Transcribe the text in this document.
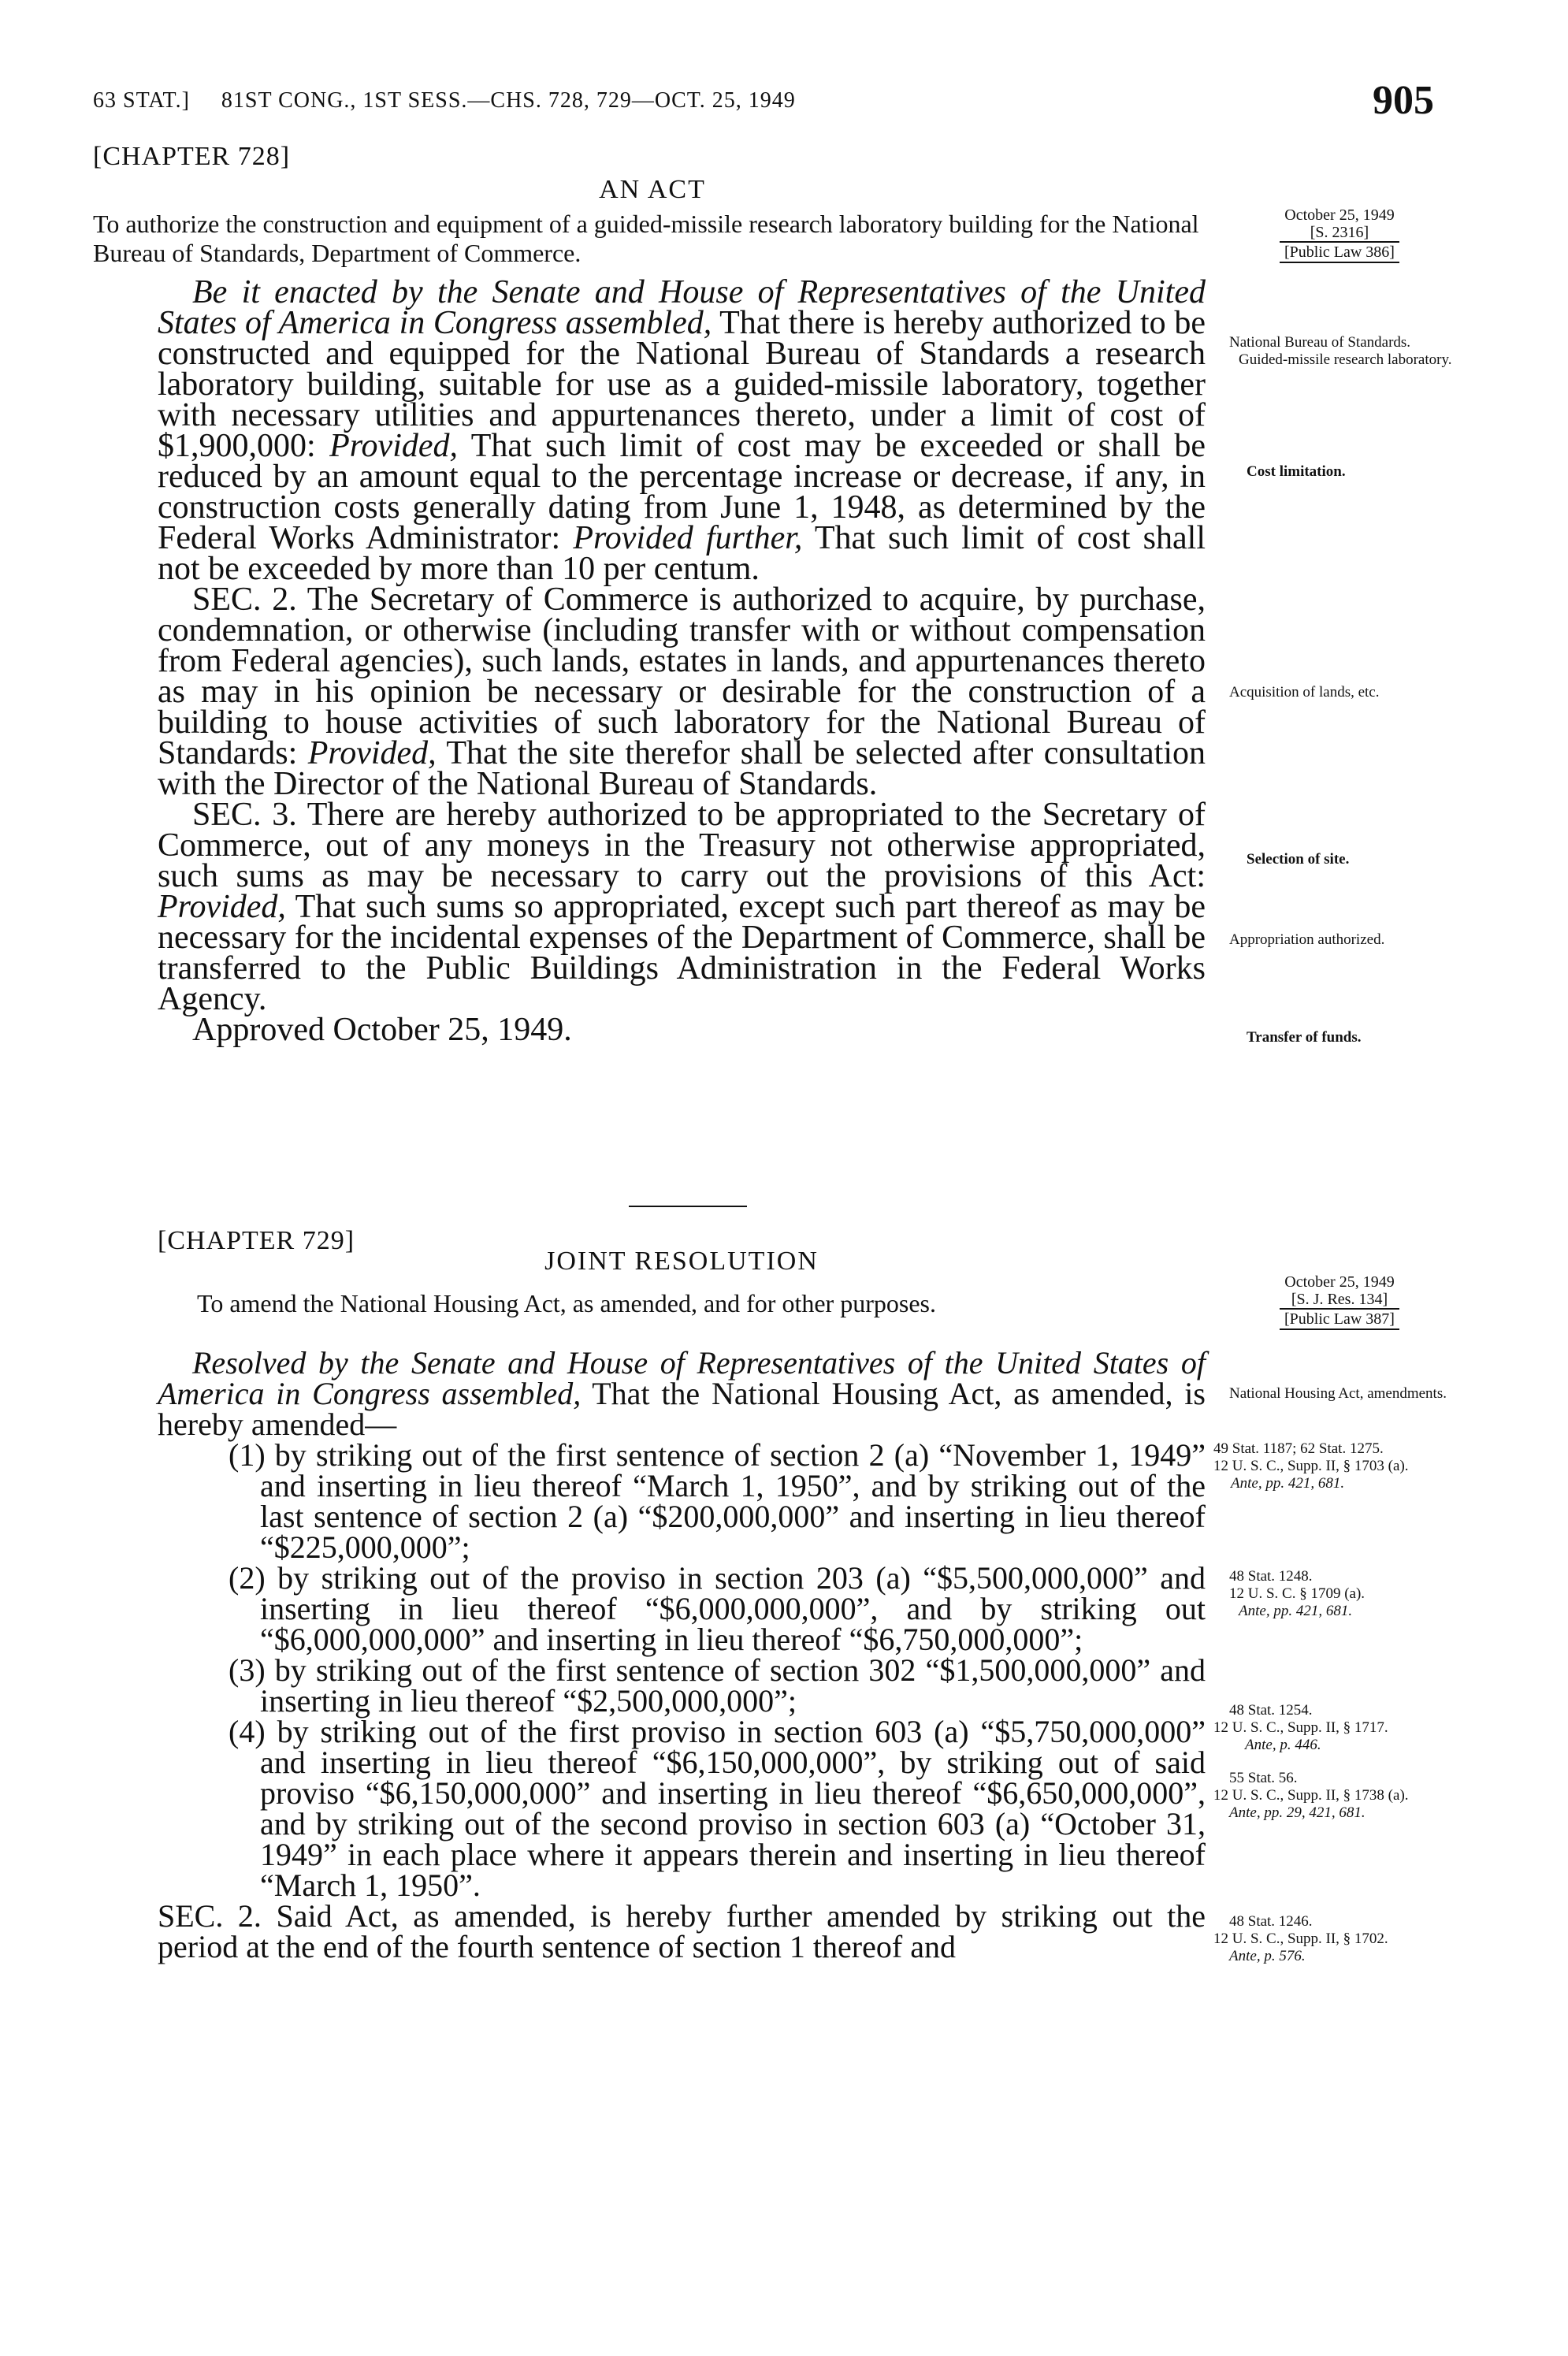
63 STAT.]     81ST CONG., 1ST SESS.—CHS. 728, 729—OCT. 25, 1949	905
[CHAPTER 728]
AN ACT
To authorize the construction and equipment of a guided-missile research laboratory building for the National Bureau of Standards, Department of Commerce.
October 25, 1949
[S. 2316]
[Public Law 386]

Be it enacted by the Senate and House of Representatives of the United States of America in Congress assembled, That there is hereby authorized to be constructed and equipped for the National Bureau of Standards a research laboratory building, suitable for use as a guided-missile laboratory, together with necessary utilities and appurtenances thereto, under a limit of cost of $1,900,000: Provided, That such limit of cost may be exceeded or shall be reduced by an amount equal to the percentage increase or decrease, if any, in construction costs generally dating from June 1, 1948, as determined by the Federal Works Administrator: Provided further, That such limit of cost shall not be exceeded by more than 10 per centum.

SEC. 2. The Secretary of Commerce is authorized to acquire, by purchase, condemnation, or otherwise (including transfer with or without compensation from Federal agencies), such lands, estates in lands, and appurtenances thereto as may in his opinion be necessary or desirable for the construction of a building to house activities of such laboratory for the National Bureau of Standards: Provided, That the site therefor shall be selected after consultation with the Director of the National Bureau of Standards.

SEC. 3. There are hereby authorized to be appropriated to the Secretary of Commerce, out of any moneys in the Treasury not otherwise appropriated, such sums as may be necessary to carry out the provisions of this Act: Provided, That such sums so appropriated, except such part thereof as may be necessary for the incidental expenses of the Department of Commerce, shall be transferred to the Public Buildings Administration in the Federal Works Agency.

Approved October 25, 1949.

National Bureau of Standards.
Guided-missile research laboratory.
Cost limitation.
Acquisition of lands, etc.
Selection of site.
Appropriation authorized.
Transfer of funds.
[CHAPTER 729]
JOINT RESOLUTION
To amend the National Housing Act, as amended, and for other purposes.
October 25, 1949
[S. J. Res. 134]
[Public Law 387]

Resolved by the Senate and House of Representatives of the United States of America in Congress assembled, That the National Housing Act, as amended, is hereby amended—

(1) by striking out of the first sentence of section 2 (a) “November 1, 1949” and inserting in lieu thereof “March 1, 1950”, and by striking out of the last sentence of section 2 (a) “$200,000,000” and inserting in lieu thereof “$225,000,000”;

(2) by striking out of the proviso in section 203 (a) “$5,500,000,000” and inserting in lieu thereof “$6,000,000,000”, and by striking out “$6,000,000,000” and inserting in lieu thereof “$6,750,000,000”;

(3) by striking out of the first sentence of section 302 “$1,500,000,000” and inserting in lieu thereof “$2,500,000,000”;

(4) by striking out of the first proviso in section 603 (a) “$5,750,000,000” and inserting in lieu thereof “$6,150,000,000”, by striking out of said proviso “$6,150,000,000” and inserting in lieu thereof “$6,650,000,000”, and by striking out of the second proviso in section 603 (a) “October 31, 1949” in each place where it appears therein and inserting in lieu thereof “March 1, 1950”.

SEC. 2. Said Act, as amended, is hereby further amended by striking out the period at the end of the fourth sentence of section 1 thereof and

National Housing Act, amendments.
49 Stat. 1187; 62 Stat. 1275.
12 U. S. C., Supp. II, § 1703 (a).
Ante, pp. 421, 681.
48 Stat. 1248.
12 U. S. C. § 1709 (a).
Ante, pp. 421, 681.
48 Stat. 1254.
12 U. S. C., Supp. II, § 1717.
Ante, p. 446.
55 Stat. 56.
12 U. S. C., Supp. II, § 1738 (a).
Ante, pp. 29, 421, 681.
48 Stat. 1246.
12 U. S. C., Supp. II, § 1702.
Ante, p. 576.
